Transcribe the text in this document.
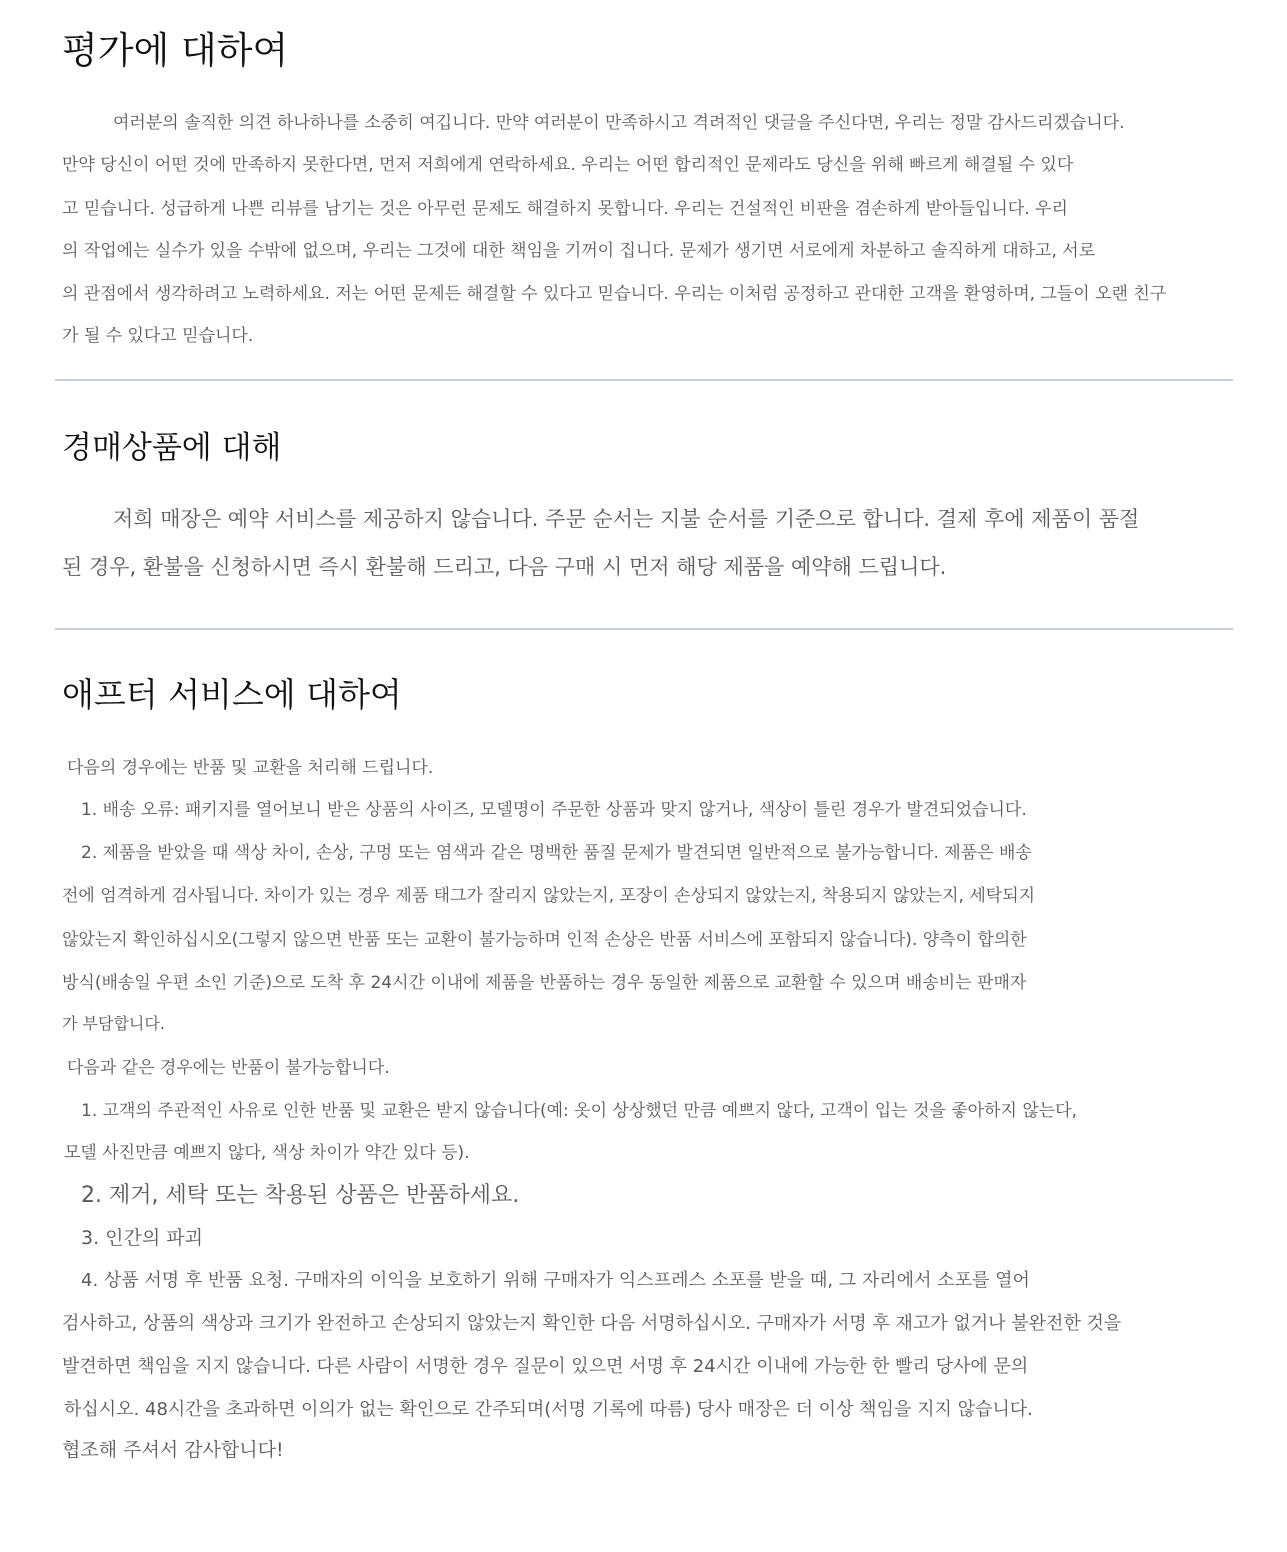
평가에 대하여
여러분의 솔직한 의견 하나하나를 소중히 여깁니다. 만약 여러분이 만족하시고 격려적인 댓글을 주신다면, 우리는 정말 감사드리겠습니다.
만약 당신이 어떤 것에 만족하지 못한다면, 먼저 저희에게 연락하세요. 우리는 어떤 합리적인 문제라도 당신을 위해 빠르게 해결될 수 있다
고 믿습니다. 성급하게 나쁜 리뷰를 남기는 것은 아무런 문제도 해결하지 못합니다. 우리는 건설적인 비판을 겸손하게 받아들입니다. 우리
의 작업에는 실수가 있을 수밖에 없으며, 우리는 그것에 대한 책임을 기꺼이 집니다. 문제가 생기면 서로에게 차분하고 솔직하게 대하고, 서로
의 관점에서 생각하려고 노력하세요. 저는 어떤 문제든 해결할 수 있다고 믿습니다. 우리는 이처럼 공정하고 관대한 고객을 환영하며, 그들이 오랜 친구
가 될 수 있다고 믿습니다.
경매상품에 대해
저희 매장은 예약 서비스를 제공하지 않습니다. 주문 순서는 지불 순서를 기준으로 합니다. 결제 후에 제품이 품절
된 경우, 환불을 신청하시면 즉시 환불해 드리고, 다음 구매 시 먼저 해당 제품을 예약해 드립니다.
애프터 서비스에 대하여
다음의 경우에는 반품 및 교환을 처리해 드립니다.
1. 배송 오류: 패키지를 열어보니 받은 상품의 사이즈, 모델명이 주문한 상품과 맞지 않거나, 색상이 틀린 경우가 발견되었습니다.
2. 제품을 받았을 때 색상 차이, 손상, 구멍 또는 염색과 같은 명백한 품질 문제가 발견되면 일반적으로 불가능합니다. 제품은 배송
전에 엄격하게 검사됩니다. 차이가 있는 경우 제품 태그가 잘리지 않았는지, 포장이 손상되지 않았는지, 착용되지 않았는지, 세탁되지
않았는지 확인하십시오(그렇지 않으면 반품 또는 교환이 불가능하며 인적 손상은 반품 서비스에 포함되지 않습니다). 양측이 합의한
방식(배송일 우편 소인 기준)으로 도착 후 24시간 이내에 제품을 반품하는 경우 동일한 제품으로 교환할 수 있으며 배송비는 판매자
가 부담합니다.
다음과 같은 경우에는 반품이 불가능합니다.
1. 고객의 주관적인 사유로 인한 반품 및 교환은 받지 않습니다(예: 옷이 상상했던 만큼 예쁘지 않다, 고객이 입는 것을 좋아하지 않는다,
모델 사진만큼 예쁘지 않다, 색상 차이가 약간 있다 등).
2. 제거, 세탁 또는 착용된 상품은 반품하세요.
3. 인간의 파괴
4. 상품 서명 후 반품 요청. 구매자의 이익을 보호하기 위해 구매자가 익스프레스 소포를 받을 때, 그 자리에서 소포를 열어
검사하고, 상품의 색상과 크기가 완전하고 손상되지 않았는지 확인한 다음 서명하십시오. 구매자가 서명 후 재고가 없거나 불완전한 것을
발견하면 책임을 지지 않습니다. 다른 사람이 서명한 경우 질문이 있으면 서명 후 24시간 이내에 가능한 한 빨리 당사에 문의
하십시오. 48시간을 초과하면 이의가 없는 확인으로 간주되며(서명 기록에 따름) 당사 매장은 더 이상 책임을 지지 않습니다.
협조해 주셔서 감사합니다!
